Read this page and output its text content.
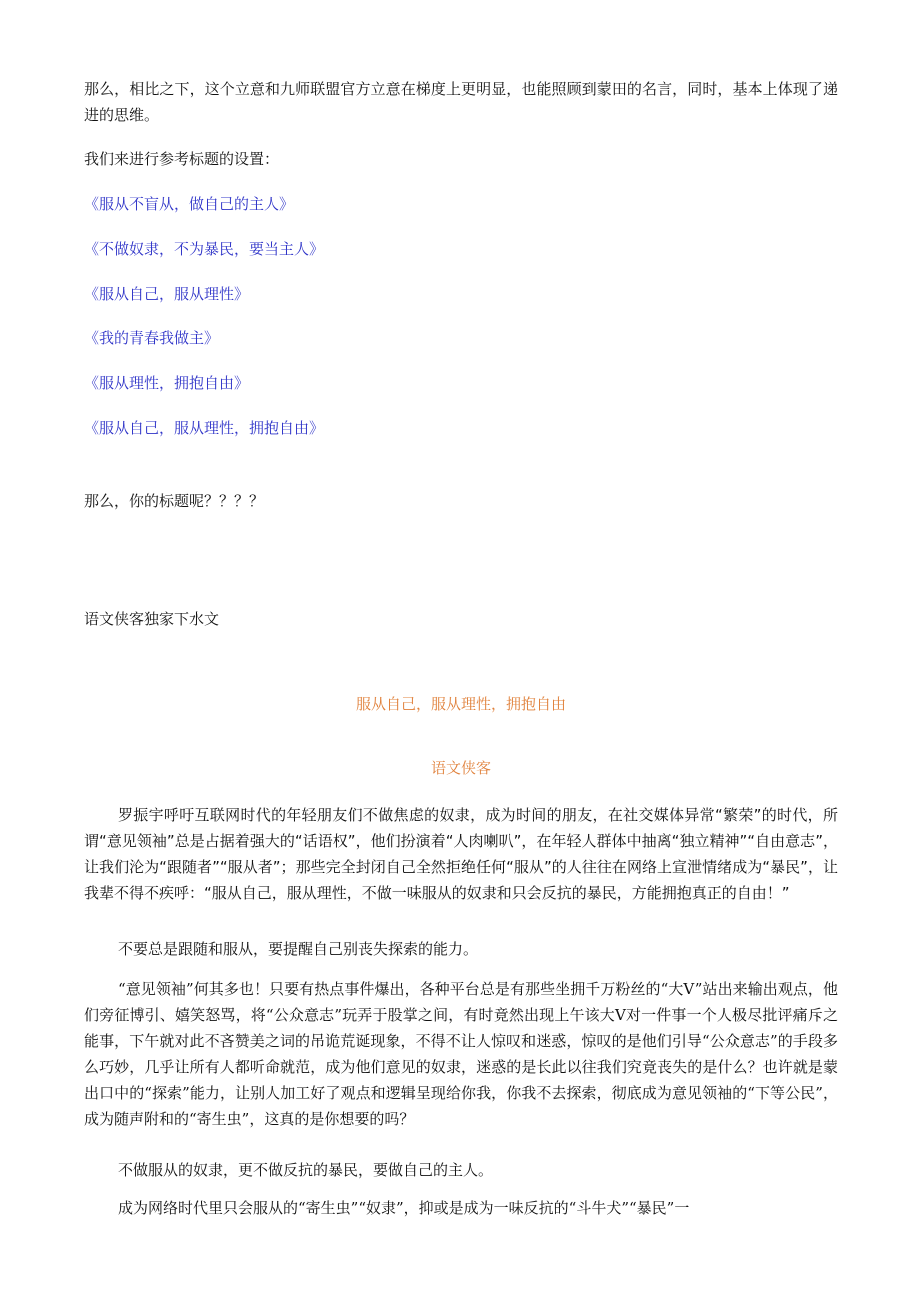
那么，相比之下，这个立意和九师联盟官方立意在梯度上更明显，也能照顾到蒙田的名言，同时，基本上体现了递进的思维。

我们来进行参考标题的设置：

《服从不盲从，做自己的主人》

《不做奴隶，不为暴民，要当主人》

《服从自己，服从理性》

《我的青春我做主》

《服从理性，拥抱自由》

《服从自己，服从理性，拥抱自由》

那么，你的标题呢？？？？

语文侠客独家下水文

服从自己，服从理性，拥抱自由

语文侠客

罗振宇呼吁互联网时代的年轻朋友们不做焦虑的奴隶，成为时间的朋友，在社交媒体异常“繁荣”的时代，所谓“意见领袖”总是占据着强大的“话语权”，他们扮演着“人肉喇叭”，在年轻人群体中抽离“独立精神”“自由意志”，让我们沦为“跟随者”“服从者”；那些完全封闭自己全然拒绝任何“服从”的人往往在网络上宣泄情绪成为“暴民”，让我辈不得不疾呼：“服从自己，服从理性，不做一味服从的奴隶和只会反抗的暴民，方能拥抱真正的自由！”

不要总是跟随和服从，要提醒自己别丧失探索的能力。

“意见领袖”何其多也！只要有热点事件爆出，各种平台总是有那些坐拥千万粉丝的“大V”站出来输出观点，他们旁征博引、嬉笑怒骂，将“公众意志”玩弄于股掌之间，有时竟然出现上午该大V对一件事一个人极尽批评痛斥之能事，下午就对此不吝赞美之词的吊诡荒诞现象，不得不让人惊叹和迷惑，惊叹的是他们引导“公众意志”的手段多么巧妙，几乎让所有人都听命就范，成为他们意见的奴隶，迷惑的是长此以往我们究竟丧失的是什么？也许就是蒙出口中的“探索”能力，让别人加工好了观点和逻辑呈现给你我，你我不去探索，彻底成为意见领袖的“下等公民”，成为随声附和的“寄生虫”，这真的是你想要的吗？

不做服从的奴隶，更不做反抗的暴民，要做自己的主人。

成为网络时代里只会服从的“寄生虫”“奴隶”，抑或是成为一味反抗的“斗牛犬”“暴民”一
